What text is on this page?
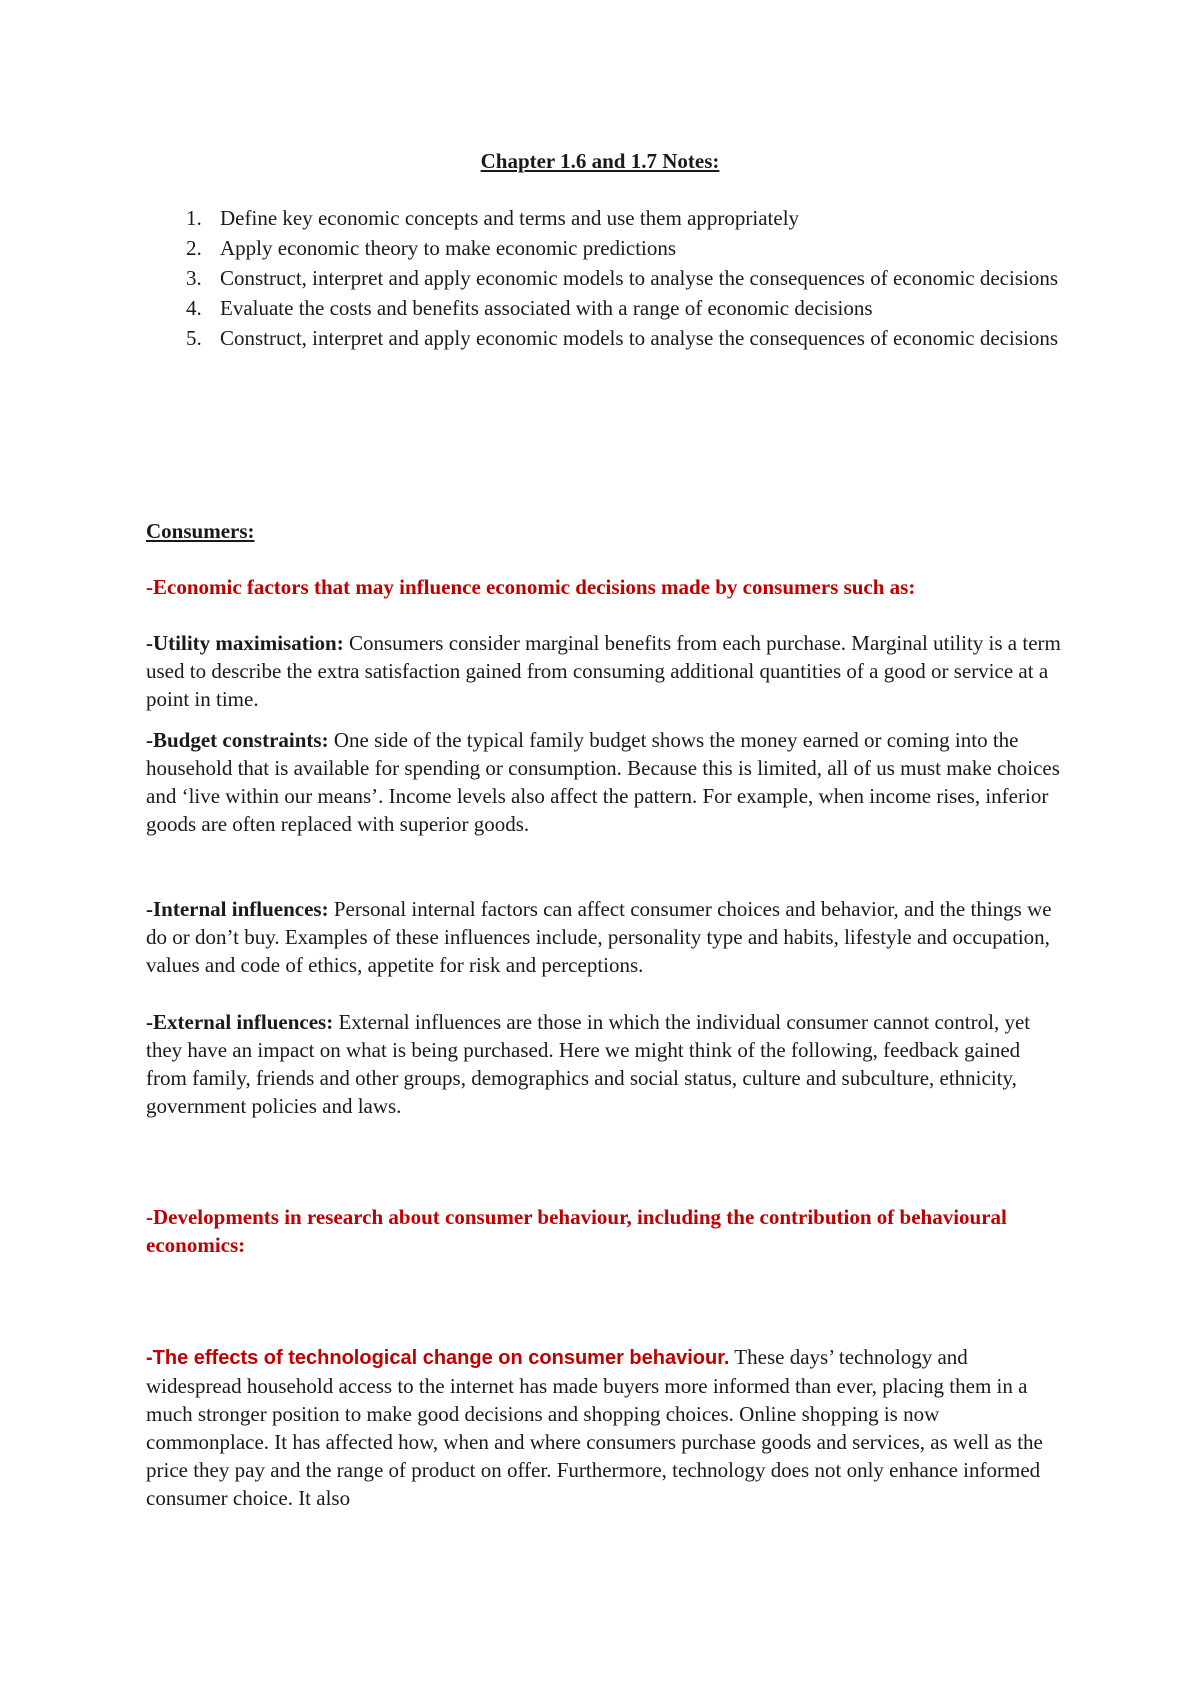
Chapter 1.6 and 1.7 Notes:
1. Define key economic concepts and terms and use them appropriately
2. Apply economic theory to make economic predictions
3. Construct, interpret and apply economic models to analyse the consequences of economic decisions
4. Evaluate the costs and benefits associated with a range of economic decisions
5. Construct, interpret and apply economic models to analyse the consequences of economic decisions
Consumers:
-Economic factors that may influence economic decisions made by consumers such as:

-Utility maximisation: Consumers consider marginal benefits from each purchase. Marginal utility is a term used to describe the extra satisfaction gained from consuming additional quantities of a good or service at a point in time.

-Budget constraints: One side of the typical family budget shows the money earned or coming into the household that is available for spending or consumption. Because this is limited, all of us must make choices and ‘live within our means’. Income levels also affect the pattern. For example, when income rises, inferior goods are often replaced with superior goods.

-Internal influences: Personal internal factors can affect consumer choices and behavior, and the things we do or don’t buy. Examples of these influences include, personality type and habits, lifestyle and occupation, values and code of ethics, appetite for risk and perceptions.

-External influences: External influences are those in which the individual consumer cannot control, yet they have an impact on what is being purchased. Here we might think of the following, feedback gained from family, friends and other groups, demographics and social status, culture and subculture, ethnicity, government policies and laws.

-Developments in research about consumer behaviour, including the contribution of behavioural economics:

-The effects of technological change on consumer behaviour. These days’ technology and widespread household access to the internet has made buyers more informed than ever, placing them in a much stronger position to make good decisions and shopping choices. Online shopping is now commonplace. It has affected how, when and where consumers purchase goods and services, as well as the price they pay and the range of product on offer. Furthermore, technology does not only enhance informed consumer choice. It also
